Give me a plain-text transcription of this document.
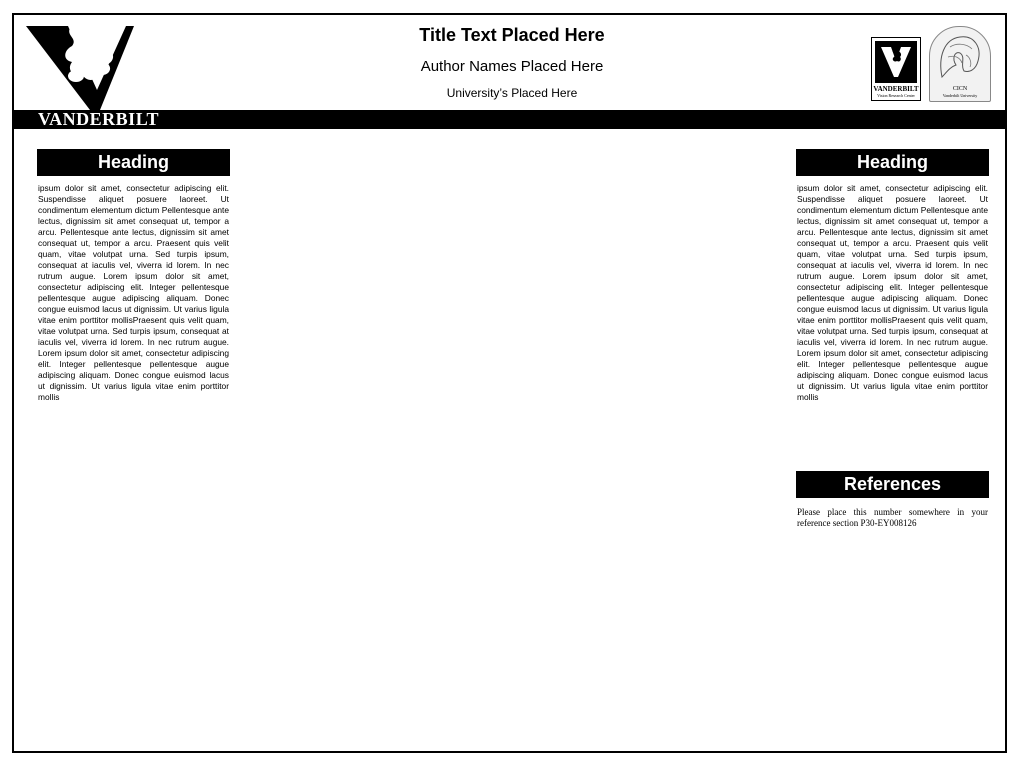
VANDERBILT
Title Text Placed Here
Author Names Placed Here
University’s Placed Here	VANDERBILT
Vision Research Center
CICN
Vanderbilt University
Heading
ipsum dolor sit amet, consectetur adipiscing elit. Suspendisse aliquet posuere laoreet. Ut condimentum elementum dictum Pellentesque ante lectus, dignissim sit amet consequat ut, tempor a arcu. Pellentesque ante lectus, dignissim sit amet consequat ut, tempor a arcu. Praesent quis velit quam, vitae volutpat urna. Sed turpis ipsum, consequat at iaculis vel, viverra id lorem. In nec rutrum augue. Lorem ipsum dolor sit amet, consectetur adipiscing elit. Integer pellentesque pellentesque augue adipiscing aliquam. Donec congue euismod lacus ut dignissim. Ut varius ligula vitae enim porttitor mollisPraesent quis velit quam, vitae volutpat urna. Sed turpis ipsum, consequat at iaculis vel, viverra id lorem. In nec rutrum augue. Lorem ipsum dolor sit amet, consectetur adipiscing elit. Integer pellentesque pellentesque augue adipiscing aliquam. Donec congue euismod lacus ut dignissim. Ut varius ligula vitae enim porttitor mollis
Heading
ipsum dolor sit amet, consectetur adipiscing elit. Suspendisse aliquet posuere laoreet. Ut condimentum elementum dictum Pellentesque ante lectus, dignissim sit amet consequat ut, tempor a arcu. Pellentesque ante lectus, dignissim sit amet consequat ut, tempor a arcu. Praesent quis velit quam, vitae volutpat urna. Sed turpis ipsum, consequat at iaculis vel, viverra id lorem. In nec rutrum augue. Lorem ipsum dolor sit amet, consectetur adipiscing elit. Integer pellentesque pellentesque augue adipiscing aliquam. Donec congue euismod lacus ut dignissim. Ut varius ligula vitae enim porttitor mollisPraesent quis velit quam, vitae volutpat urna. Sed turpis ipsum, consequat at iaculis vel, viverra id lorem. In nec rutrum augue. Lorem ipsum dolor sit amet, consectetur adipiscing elit. Integer pellentesque pellentesque augue adipiscing aliquam. Donec congue euismod lacus ut dignissim. Ut varius ligula vitae enim porttitor mollis
References
Please place this number somewhere in your reference section P30-EY008126
